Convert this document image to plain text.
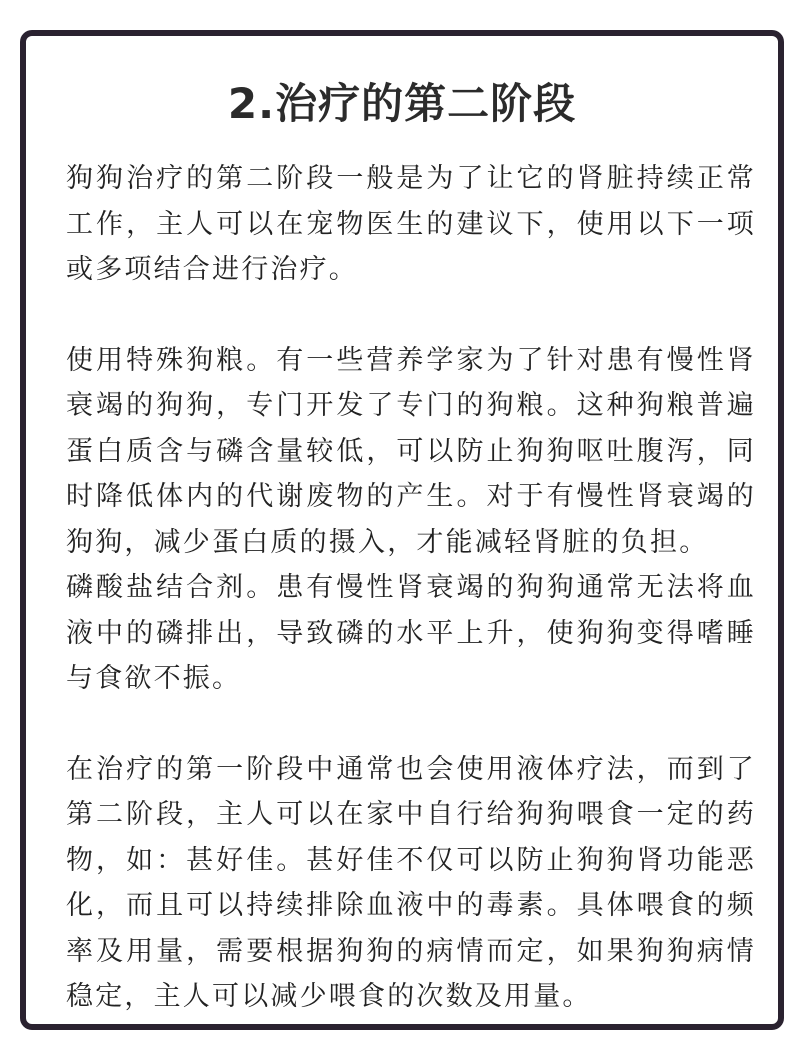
2.治疗的第二阶段

狗狗治疗的第二阶段一般是为了让它的肾脏持续正常工作，主人可以在宠物医生的建议下，使用以下一项或多项结合进行治疗。

使用特殊狗粮。有一些营养学家为了针对患有慢性肾衰竭的狗狗，专门开发了专门的狗粮。这种狗粮普遍蛋白质含与磷含量较低，可以防止狗狗呕吐腹泻，同时降低体内的代谢废物的产生。对于有慢性肾衰竭的狗狗，减少蛋白质的摄入，才能减轻肾脏的负担。

磷酸盐结合剂。患有慢性肾衰竭的狗狗通常无法将血液中的磷排出，导致磷的水平上升，使狗狗变得嗜睡与食欲不振。

在治疗的第一阶段中通常也会使用液体疗法，而到了第二阶段，主人可以在家中自行给狗狗喂食一定的药物，如：甚好佳。甚好佳不仅可以防止狗狗肾功能恶化，而且可以持续排除血液中的毒素。具体喂食的频率及用量，需要根据狗狗的病情而定，如果狗狗病情稳定，主人可以减少喂食的次数及用量。
